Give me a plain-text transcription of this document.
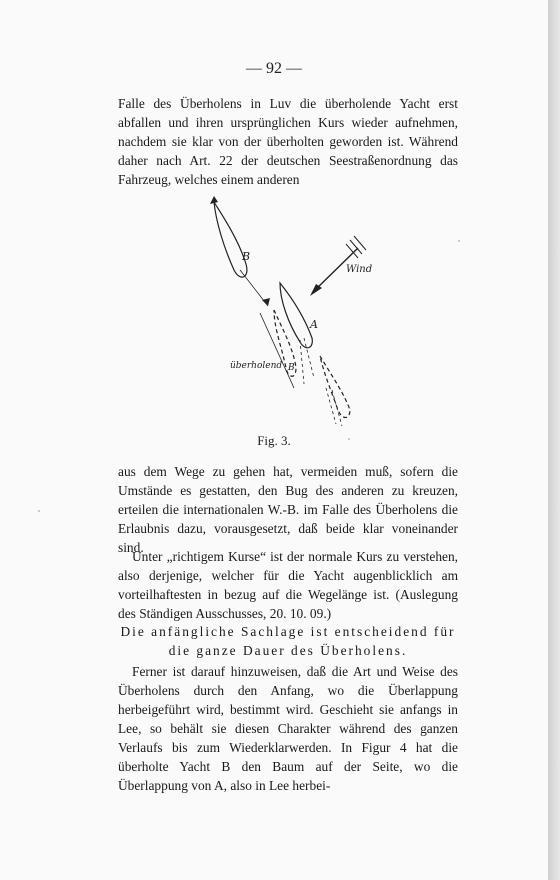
— 92 —

Falle des Überholens in Luv die überholende Yacht erst abfallen und ihren ursprünglichen Kurs wieder aufnehmen, nachdem sie klar von der überholten geworden ist. Während daher nach Art. 22 der deutschen Seestraßenordnung das Fahrzeug, welches einem anderen

B
A
B
Wind
überholend
Fig. 3.

aus dem Wege zu gehen hat, vermeiden muß, sofern die Umstände es gestatten, den Bug des anderen zu kreuzen, erteilen die internationalen W.-B. im Falle des Überholens die Erlaubnis dazu, vorausgesetzt, daß beide klar voneinander sind.

Unter „richtigem Kurse“ ist der normale Kurs zu verstehen, also derjenige, welcher für die Yacht augenblicklich am vorteilhaftesten in bezug auf die Wegelänge ist. (Auslegung des Ständigen Ausschusses, 20. 10. 09.)

Die anfängliche Sachlage ist entscheidend für die ganze Dauer des Überholens.

Ferner ist darauf hinzuweisen, daß die Art und Weise des Überholens durch den Anfang, wo die Überlappung herbeigeführt wird, bestimmt wird. Geschieht sie anfangs in Lee, so behält sie diesen Charakter während des ganzen Verlaufs bis zum Wiederklarwerden. In Figur 4 hat die überholte Yacht B den Baum auf der Seite, wo die Überlappung von A, also in Lee herbei-
